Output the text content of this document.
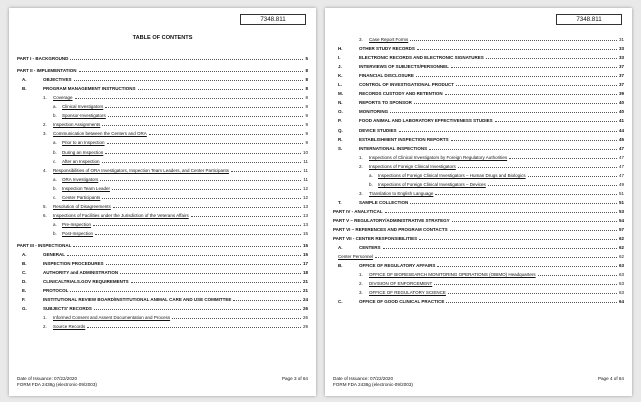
7348.811
TABLE OF CONTENTS
PART I - BACKGROUND	5
PART II - IMPLEMENTATION	8
A.	OBJECTIVES	8
B.	PROGRAM MANAGEMENT INSTRUCTIONS	8
1.	Coverage	8
a.	Clinical Investigators	8
b.	Sponsor-Investigators	9
2.	Inspection Assignments	9
3.	Communication between the Centers and ORA	9
a.	Prior to an Inspection	9
b.	During an Inspection	10
c.	After an Inspection	11
4.	Responsibilities of ORA Investigators, Inspection Team Leaders, and Center Participants	11
a.	ORA Investigators	11
b.	Inspection Team Leader	12
c.	Center Participants	12
5.	Resolution of Disagreements	13
6.	Inspections of Facilities under the Jurisdiction of the Veterans Affairs	13
a.	Pre-Inspection	13
b.	Post-Inspection	15
PART III - INSPECTIONAL	15
A.	GENERAL	15
B.	INSPECTION PROCEDURES	17
C.	AUTHORITY and ADMINISTRATION	18
D.	CLINICALTRIALS.GOV REQUIREMENTS	21
E.	PROTOCOL	21
F.	INSTITUTIONAL REVIEW BOARD/INSTITUTIONAL ANIMAL CARE AND USE COMMITTEE	24
G.	SUBJECTS' RECORDS	26
1.	Informed Consent and Assent Documentation and Process	26
2.	Source Records	29
Date of Issuance: 07/22/2020	Page 3 of 64
FORM FDA 2438g (electronic-09/2003)
7348.811
3.	Case Report Forms	31
H.	OTHER STUDY RECORDS	33
I.	ELECTRONIC RECORDS AND ELECTRONIC SIGNATURES	33
J.	INTERVIEWS OF SUBJECTS/PERSONNEL	37
K.	FINANCIAL DISCLOSURE	37
L.	CONTROL OF INVESTIGATIONAL PRODUCT	37
M.	RECORDS CUSTODY AND RETENTION	39
N.	REPORTS TO SPONSOR	40
O.	MONITORING	40
P.	FOOD ANIMAL AND LABORATORY EFFECTIVENESS STUDIES	41
Q.	DEVICE STUDIES	44
R.	ESTABLISHMENT INSPECTION REPORTS	45
S.	INTERNATIONAL INSPECTIONS	47
1.	Inspections of Clinical Investigators by Foreign Regulatory Authorities	47
2.	Inspections of Foreign Clinical Investigators	47
a.	Inspections of Foreign Clinical Investigators – Human Drugs and Biologics	47
b.	Inspections of Foreign Clinical Investigators – Devices	49
3.	Translation to English Language	51
T.	SAMPLE COLLECTION	51
PART IV - ANALYTICAL	53
PART V – REGULATORY/ADMINISTRATIVE STRATEGY	54
PART VI – REFERENCES AND PROGRAM CONTACTS	57
PART VII - CENTER RESPONSIBILITIES	62
A.	CENTERS	62
Center Personnel	62
B.	OFFICE OF REGULATORY AFFAIRS	63
1.	OFFICE OF BIORESEARCH MONITORING OPERATIONS (OBIMO) Headquarters	63
2.	DIVISION OF ENFORCEMENT	63
3.	OFFICE OF REGULATORY SCIENCE	63
C.	OFFICE OF GOOD CLINICAL PRACTICE	64
Date of Issuance: 07/22/2020	Page 4 of 64
FORM FDA 2438g (electronic-09/2003)
